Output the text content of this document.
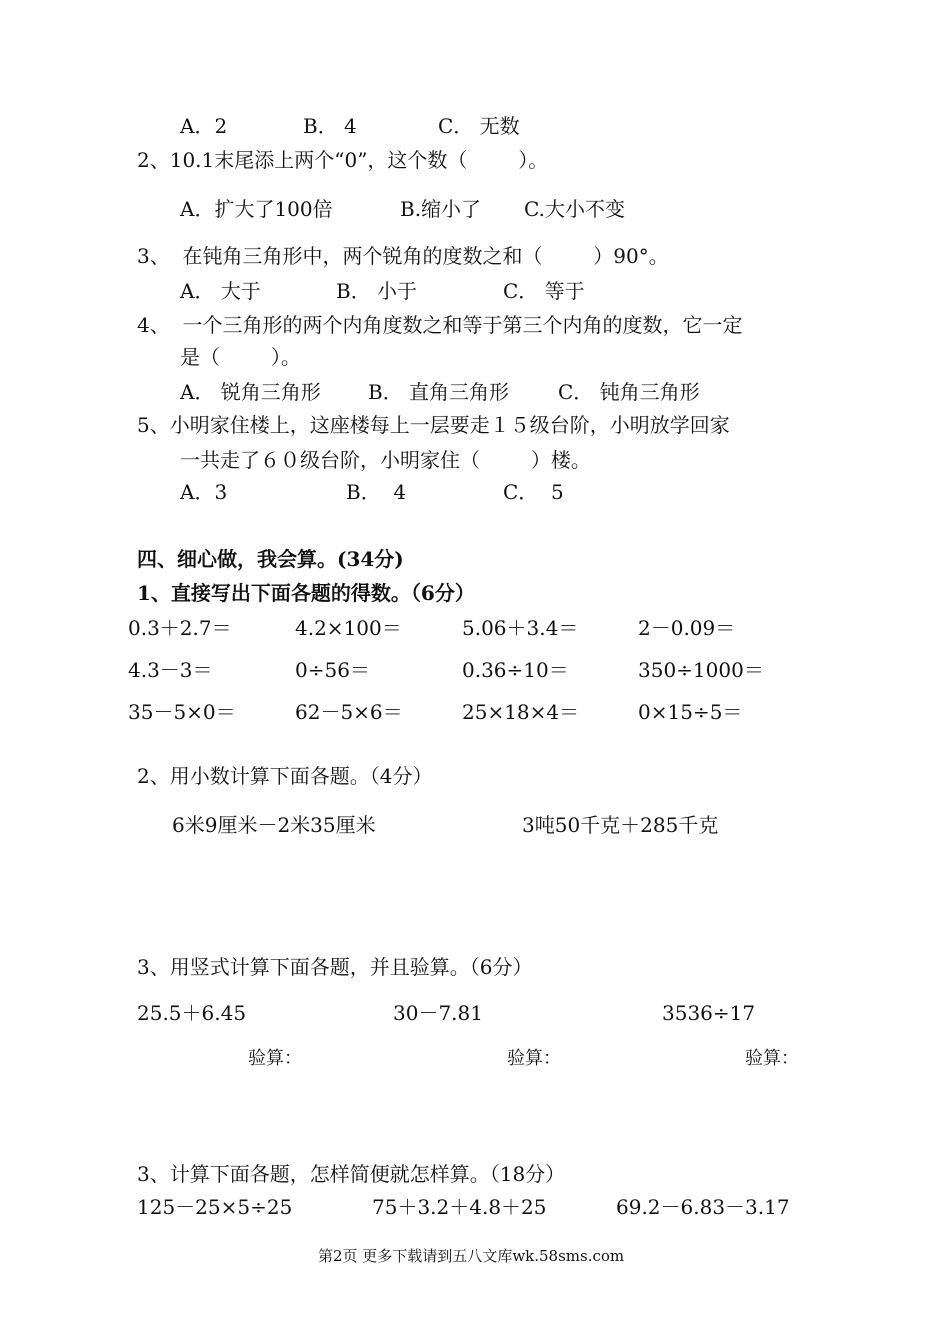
A．2	B． 4	C． 无数
2、10.1末尾添上两个“0”，这个数（        ）。
A．扩大了100倍	B.缩小了 C.大小不变
3、  在钝角三角形中，两个锐角的度数之和（        ）90°。
A． 大于	B． 小于	C． 等于
4、  一个三角形的两个内角度数之和等于第三个内角的度数，它一定
是（        ）。
A． 锐角三角形 B． 直角三角形 C． 钝角三角形
5、小明家住楼上，这座楼每上一层要走１５级台阶，小明放学回家
一共走了６０级台阶，小明家住（        ）楼。
A．3	B．  4	C．  5
四、细心做，我会算。(34分)
1、直接写出下面各题的得数。（6分）
0.3＋2.7＝	4.2×100＝	5.06＋3.4＝	2－0.09＝
4.3－3＝	0÷56＝	0.36÷10＝	350÷1000＝
35－5×0＝	62－5×6＝	25×18×4＝	0×15÷5＝
2、用小数计算下面各题。（4分）
6米9厘米－2米35厘米	3吨50千克＋285千克
3、用竖式计算下面各题，并且验算。（6分）
25.5＋6.45	30－7.81	3536÷17
验算：	验算：	验算：
3、计算下面各题，怎样简便就怎样算。（18分）
125－25×5÷25	75＋3.2＋4.8＋25	69.2－6.83－3.17
第2页 更多下载请到五八文库wk.58sms.com
